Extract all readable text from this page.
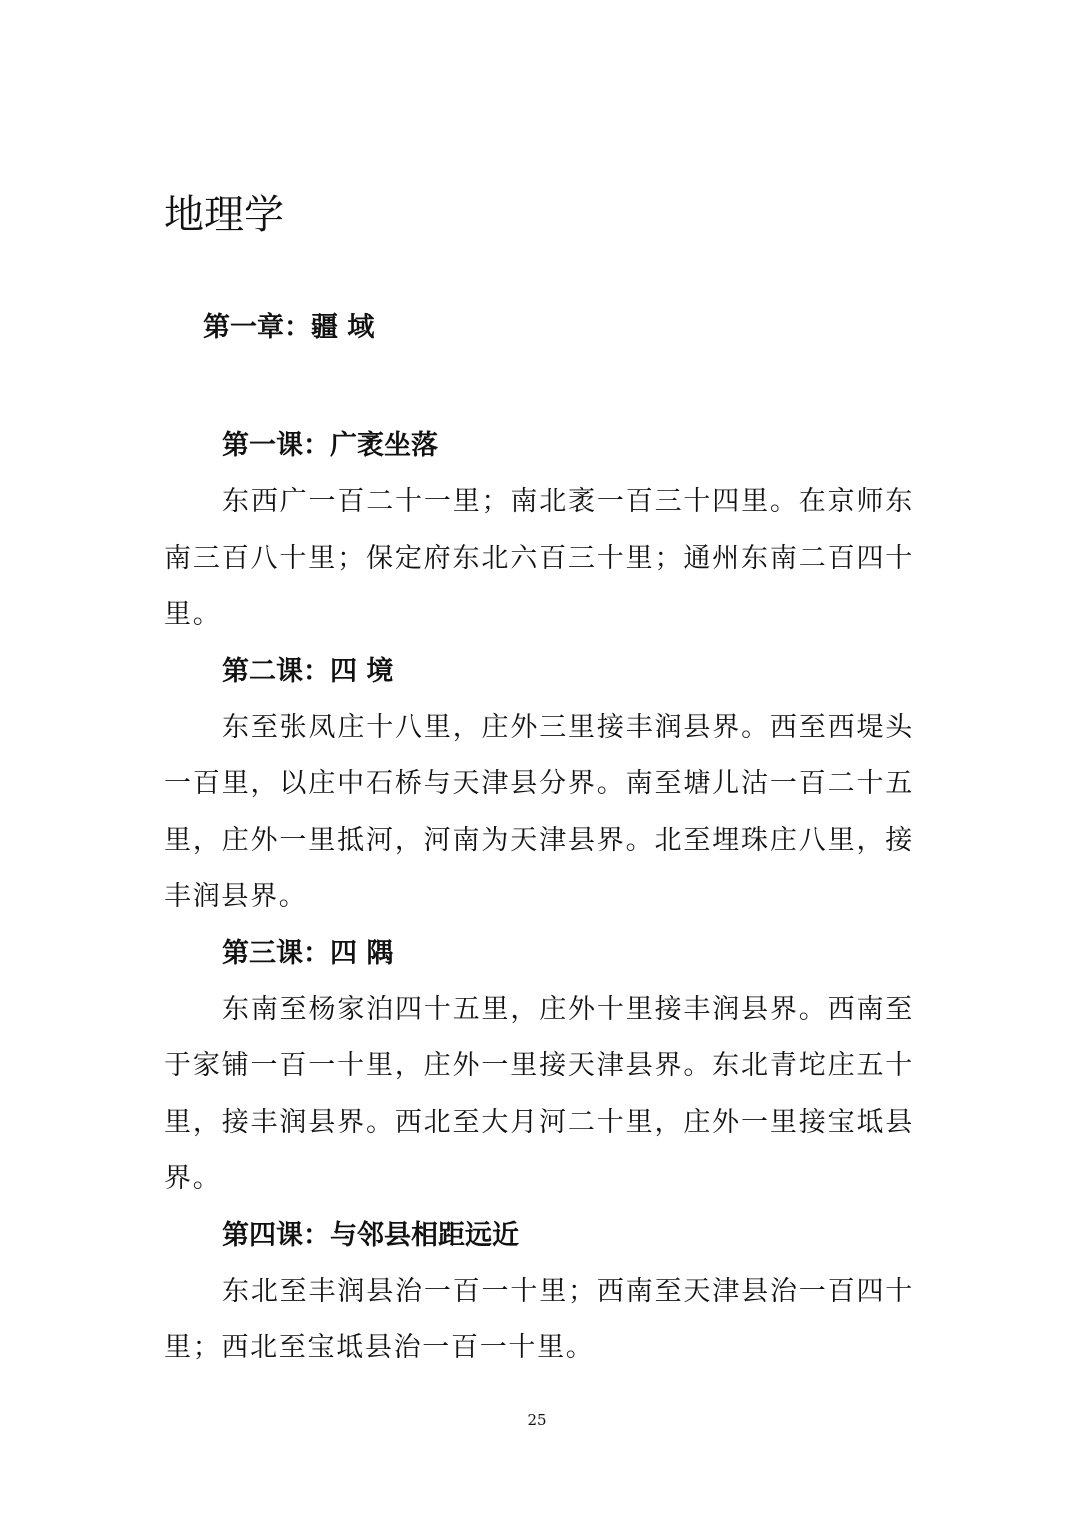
地理学
第一章：疆 域
第一课：广袤坐落

东西广一百二十一里；南北袤一百三十四里。在京师东南三百八十里；保定府东北六百三十里；通州东南二百四十里。

第二课：四 境

东至张凤庄十八里，庄外三里接丰润县界。西至西堤头一百里，以庄中石桥与天津县分界。南至塘儿沽一百二十五里，庄外一里抵河，河南为天津县界。北至埋珠庄八里，接丰润县界。

第三课：四 隅

东南至杨家泊四十五里，庄外十里接丰润县界。西南至于家铺一百一十里，庄外一里接天津县界。东北青坨庄五十里，接丰润县界。西北至大月河二十里，庄外一里接宝坻县界。

第四课：与邻县相距远近

东北至丰润县治一百一十里；西南至天津县治一百四十里；西北至宝坻县治一百一十里。

25
